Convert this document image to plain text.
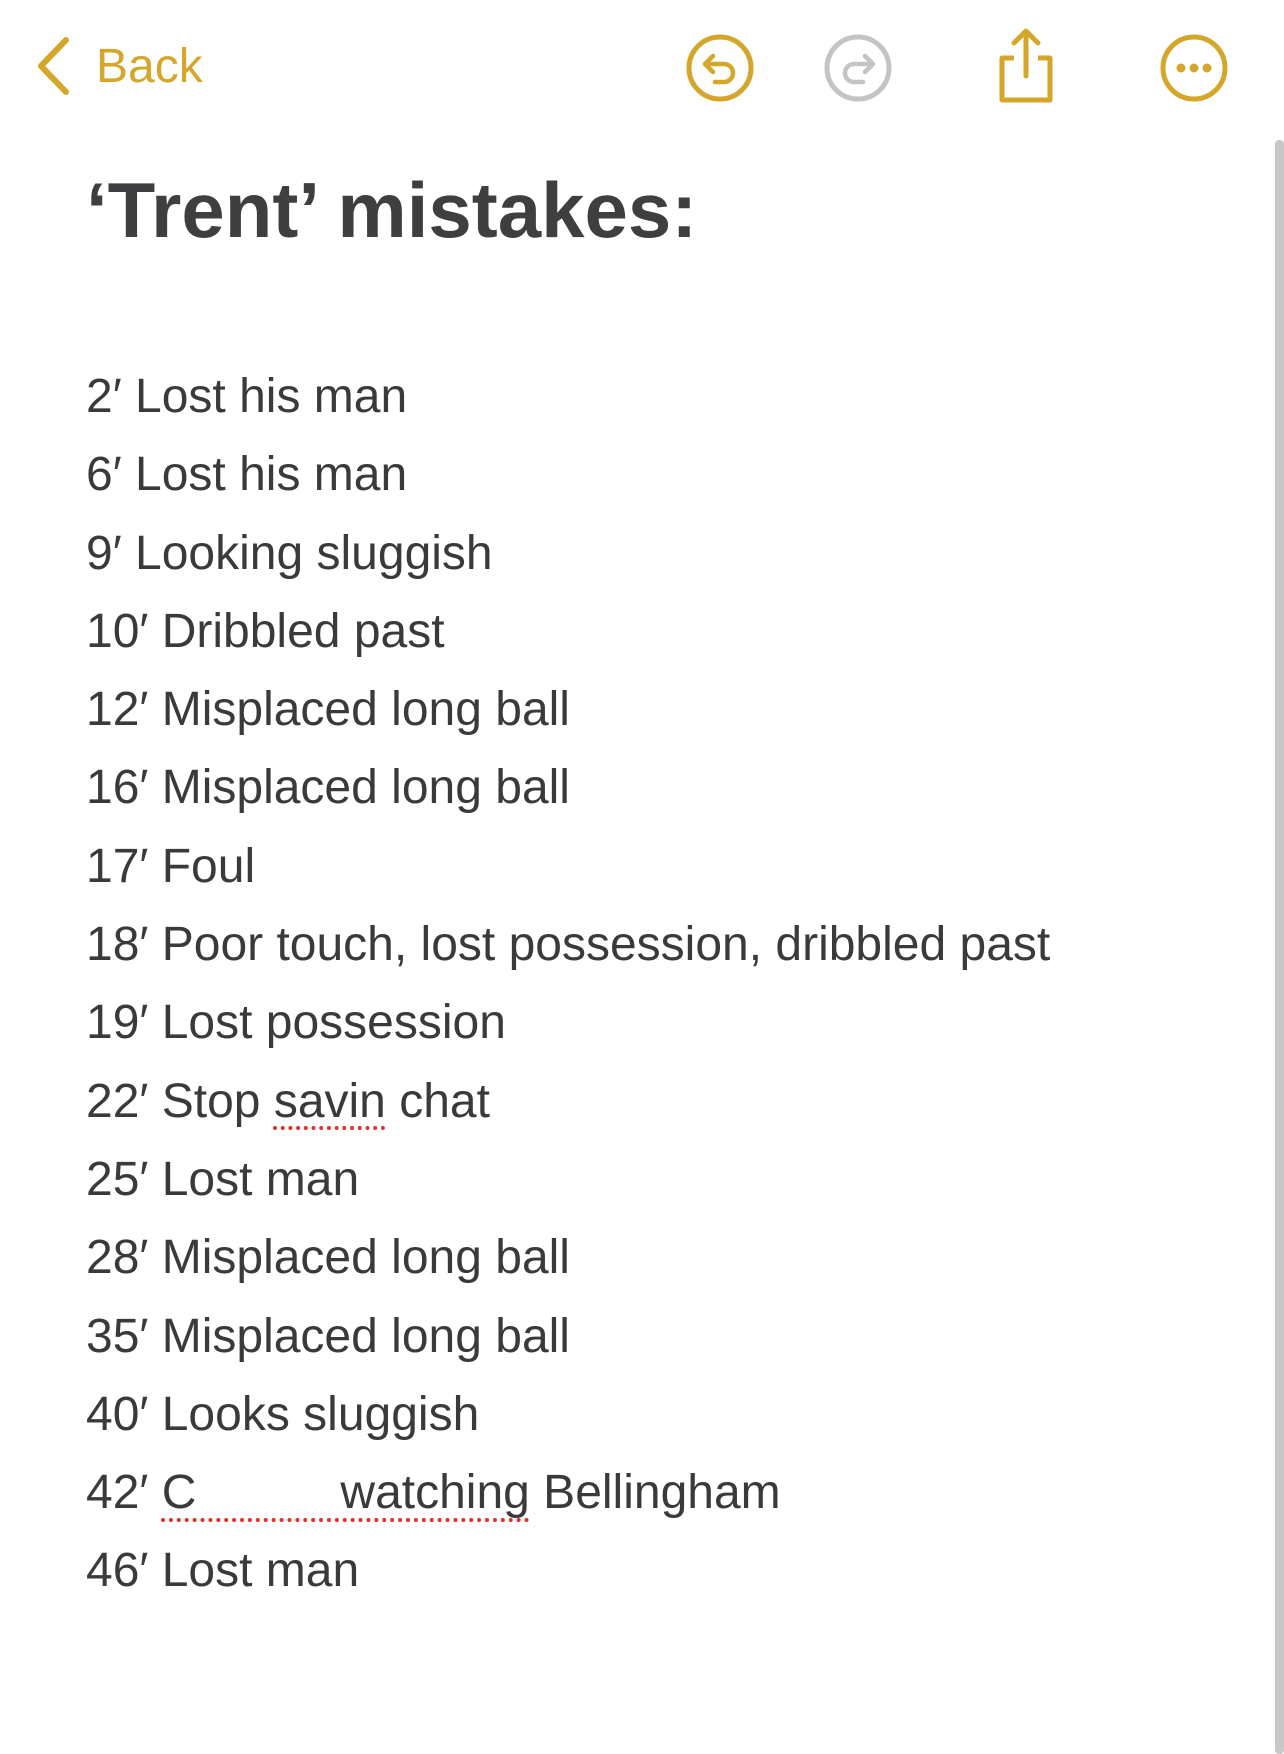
Back
‘Trent’ mistakes:
2′ Lost his man
6′ Lost his man
9′ Looking sluggish
10′ Dribbled past
12′ Misplaced long ball
16′ Misplaced long ball
17′ Foul
18′ Poor touch, lost possession, dribbled past
19′ Lost possession
22′ Stop savin chat
25′ Lost man
28′ Misplaced long ball
35′ Misplaced long ball
40′ Looks sluggish
42′ C   watching Bellingham
46′ Lost man
